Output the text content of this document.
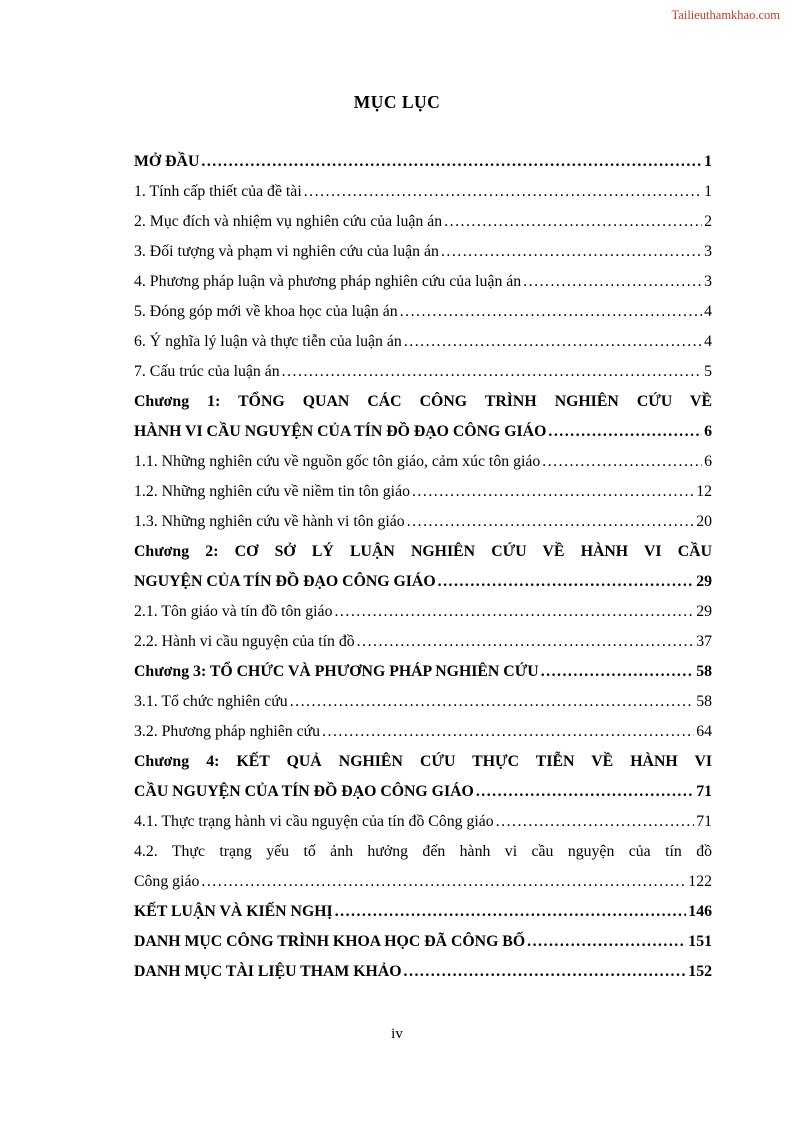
Tailieuthamkhao.com
MỤC LỤC
MỞ ĐẦU .....	1
1. Tính cấp thiết của đề tài .....	1
2. Mục đích và nhiệm vụ nghiên cứu của luận án .....	2
3. Đối tượng và phạm vi nghiên cứu của luận án .....	3
4. Phương pháp luận và phương pháp nghiên cứu của luận án .....	3
5. Đóng góp mới về khoa học của luận án .....	4
6. Ý nghĩa lý luận và thực tiễn của luận án .....	4
7. Cấu trúc của luận án .....	5
Chương 1: TỔNG QUAN CÁC CÔNG TRÌNH NGHIÊN CỨU VỀ
HÀNH VI CẦU NGUYỆN CỦA TÍN ĐỒ ĐẠO CÔNG GIÁO .....	6
1.1. Những nghiên cứu về nguồn gốc tôn giáo, cảm xúc tôn giáo .....	6
1.2. Những nghiên cứu về niềm tin tôn giáo .....	12
1.3. Những nghiên cứu về hành vi tôn giáo .....	20
Chương 2: CƠ SỞ LÝ LUẬN NGHIÊN CỨU VỀ HÀNH VI CẦU
NGUYỆN CỦA TÍN ĐỒ ĐẠO CÔNG GIÁO .....	29
2.1. Tôn giáo và tín đồ tôn giáo .....	29
2.2. Hành vi cầu nguyện của tín đồ .....	37
Chương 3: TỔ CHỨC VÀ PHƯƠNG PHÁP NGHIÊN CỨU .....	58
3.1. Tổ chức nghiên cứu .....	58
3.2. Phương pháp nghiên cứu .....	64
Chương 4: KẾT QUẢ NGHIÊN CỨU THỰC TIỄN VỀ HÀNH VI
CẦU NGUYỆN CỦA TÍN ĐỒ ĐẠO CÔNG GIÁO .....	71
4.1. Thực trạng hành vi cầu nguyện của tín đồ Công giáo .....	71
4.2. Thực trạng yếu tố ảnh hưởng đến hành vi cầu nguyện của tín đồ
Công giáo .....	122
KẾT LUẬN VÀ KIẾN NGHỊ .....	146
DANH MỤC CÔNG TRÌNH KHOA HỌC ĐÃ CÔNG BỐ .....	151
DANH MỤC TÀI LIỆU THAM KHẢO .....	152
iv
